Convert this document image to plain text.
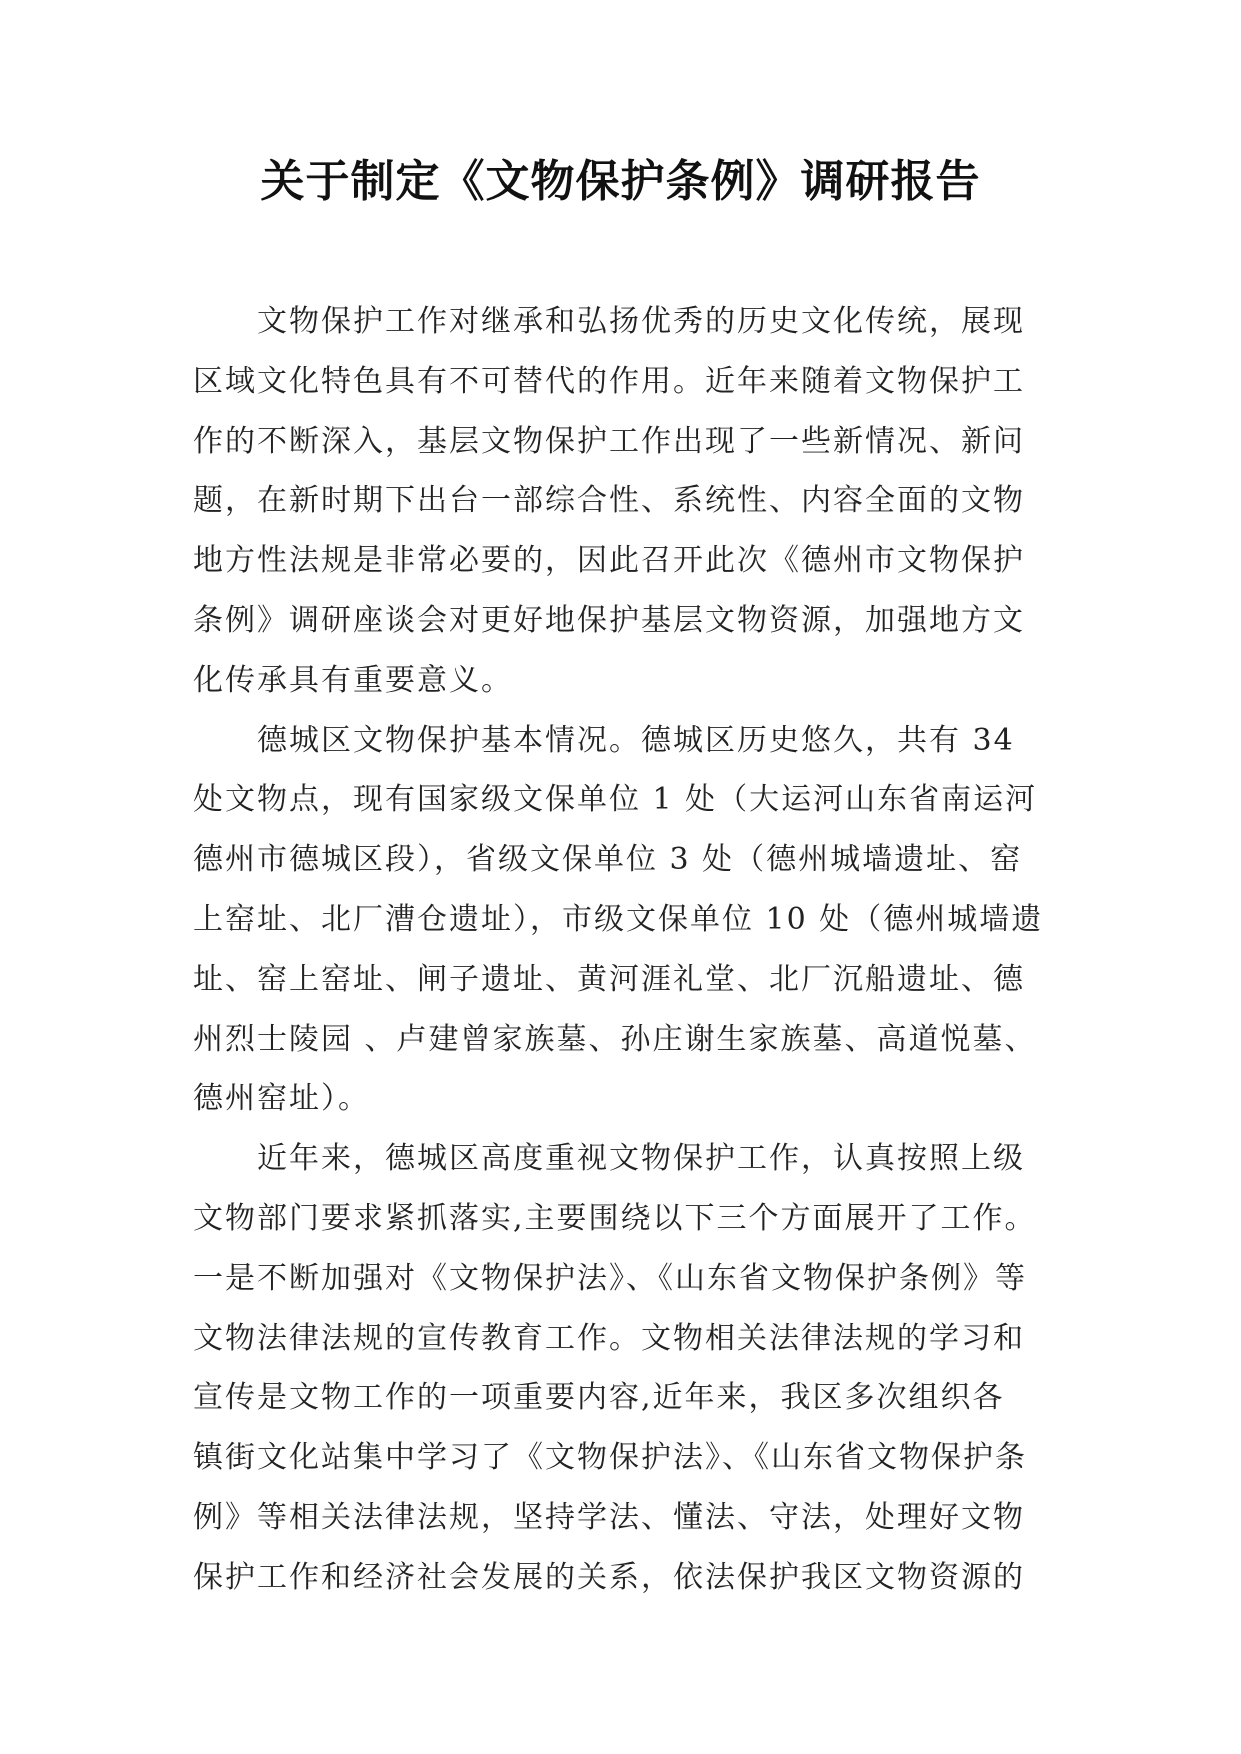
关于制定《文物保护条例》调研报告
文物保护工作对继承和弘扬优秀的历史文化传统，展现
区域文化特色具有不可替代的作用。近年来随着文物保护工
作的不断深入，基层文物保护工作出现了一些新情况、新问
题，在新时期下出台一部综合性、系统性、内容全面的文物
地方性法规是非常必要的，因此召开此次《德州市文物保护
条例》调研座谈会对更好地保护基层文物资源，加强地方文
化传承具有重要意义。
德城区文物保护基本情况。德城区历史悠久，共有 34
处文物点，现有国家级文保单位 1 处（大运河山东省南运河
德州市德城区段），省级文保单位 3 处（德州城墙遗址、窑
上窑址、北厂漕仓遗址），市级文保单位 10 处（德州城墙遗
址、窑上窑址、闸子遗址、黄河涯礼堂、北厂沉船遗址、德
州烈士陵园 、卢建曾家族墓、孙庄谢生家族墓、高道悦墓、
德州窑址）。
近年来，德城区高度重视文物保护工作，认真按照上级
文物部门要求紧抓落实,主要围绕以下三个方面展开了工作。
一是不断加强对《文物保护法》、《山东省文物保护条例》等
文物法律法规的宣传教育工作。文物相关法律法规的学习和
宣传是文物工作的一项重要内容,近年来，我区多次组织各
镇街文化站集中学习了《文物保护法》、《山东省文物保护条
例》等相关法律法规，坚持学法、懂法、守法，处理好文物
保护工作和经济社会发展的关系，依法保护我区文物资源的
